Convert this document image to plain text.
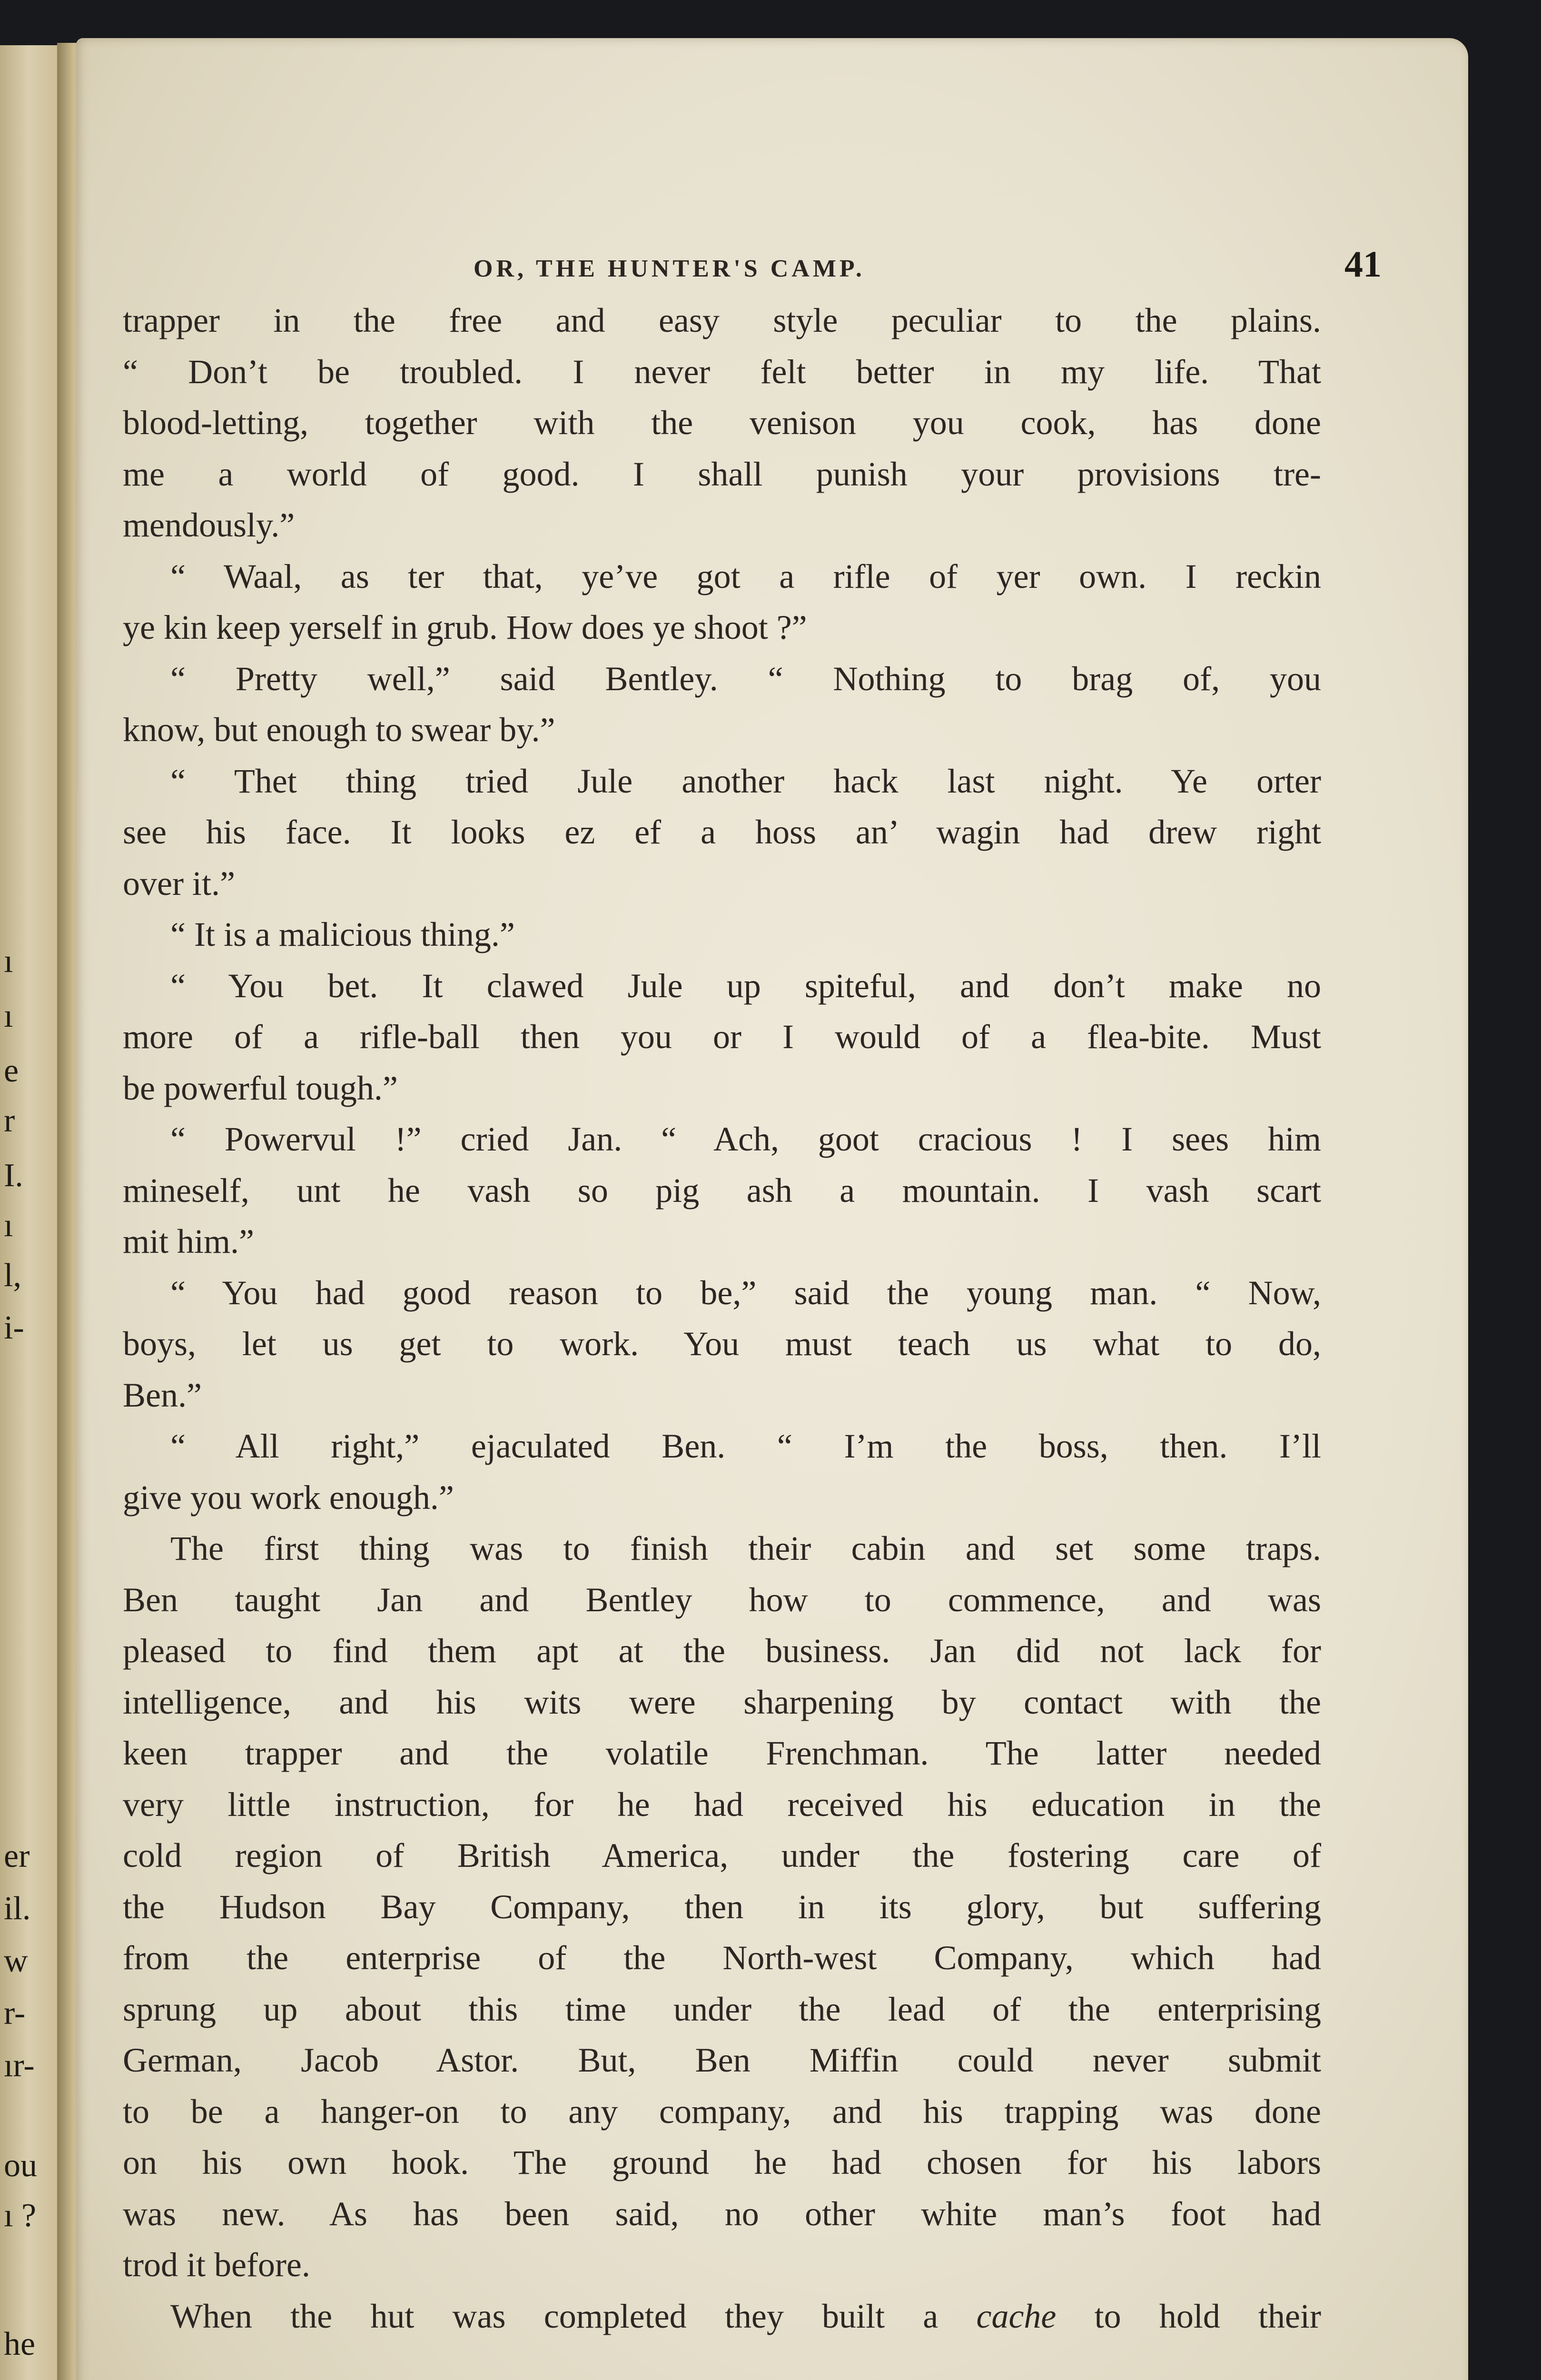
ı
ı
e
r
I.
ı
l,
i-
er
il.
w
r-
ır-
ou
ı ?
he
OR, THE HUNTER'S CAMP.	41
trapper in the free and easy style peculiar to the plains.
“ Don’t be troubled. I never felt better in my life. That
blood-letting, together with the venison you cook, has done
me a world of good. I shall punish your provisions tre-
mendously.”
“ Waal, as ter that, ye’ve got a rifle of yer own. I reckin
ye kin keep yerself in grub. How does ye shoot ?”
“ Pretty well,” said Bentley. “ Nothing to brag of, you
know, but enough to swear by.”
“ Thet thing tried Jule another hack last night. Ye orter
see his face. It looks ez ef a hoss an’ wagin had drew right
over it.”
“ It is a malicious thing.”
“ You bet. It clawed Jule up spiteful, and don’t make no
more of a rifle-ball then you or I would of a flea-bite. Must
be powerful tough.”
“ Powervul !” cried Jan. “ Ach, goot cracious ! I sees him
mineself, unt he vash so pig ash a mountain. I vash scart
mit him.”
“ You had good reason to be,” said the young man. “ Now,
boys, let us get to work. You must teach us what to do,
Ben.”
“ All right,” ejaculated Ben. “ I’m the boss, then. I’ll
give you work enough.”
The first thing was to finish their cabin and set some traps.
Ben taught Jan and Bentley how to commence, and was
pleased to find them apt at the business. Jan did not lack for
intelligence, and his wits were sharpening by contact with the
keen trapper and the volatile Frenchman. The latter needed
very little instruction, for he had received his education in the
cold region of British America, under the fostering care of
the Hudson Bay Company, then in its glory, but suffering
from the enterprise of the North-west Company, which had
sprung up about this time under the lead of the enterprising
German, Jacob Astor. But, Ben Miffin could never submit
to be a hanger-on to any company, and his trapping was done
on his own hook. The ground he had chosen for his labors
was new. As has been said, no other white man’s foot had
trod it before.
When the hut was completed they built a cache to hold their
